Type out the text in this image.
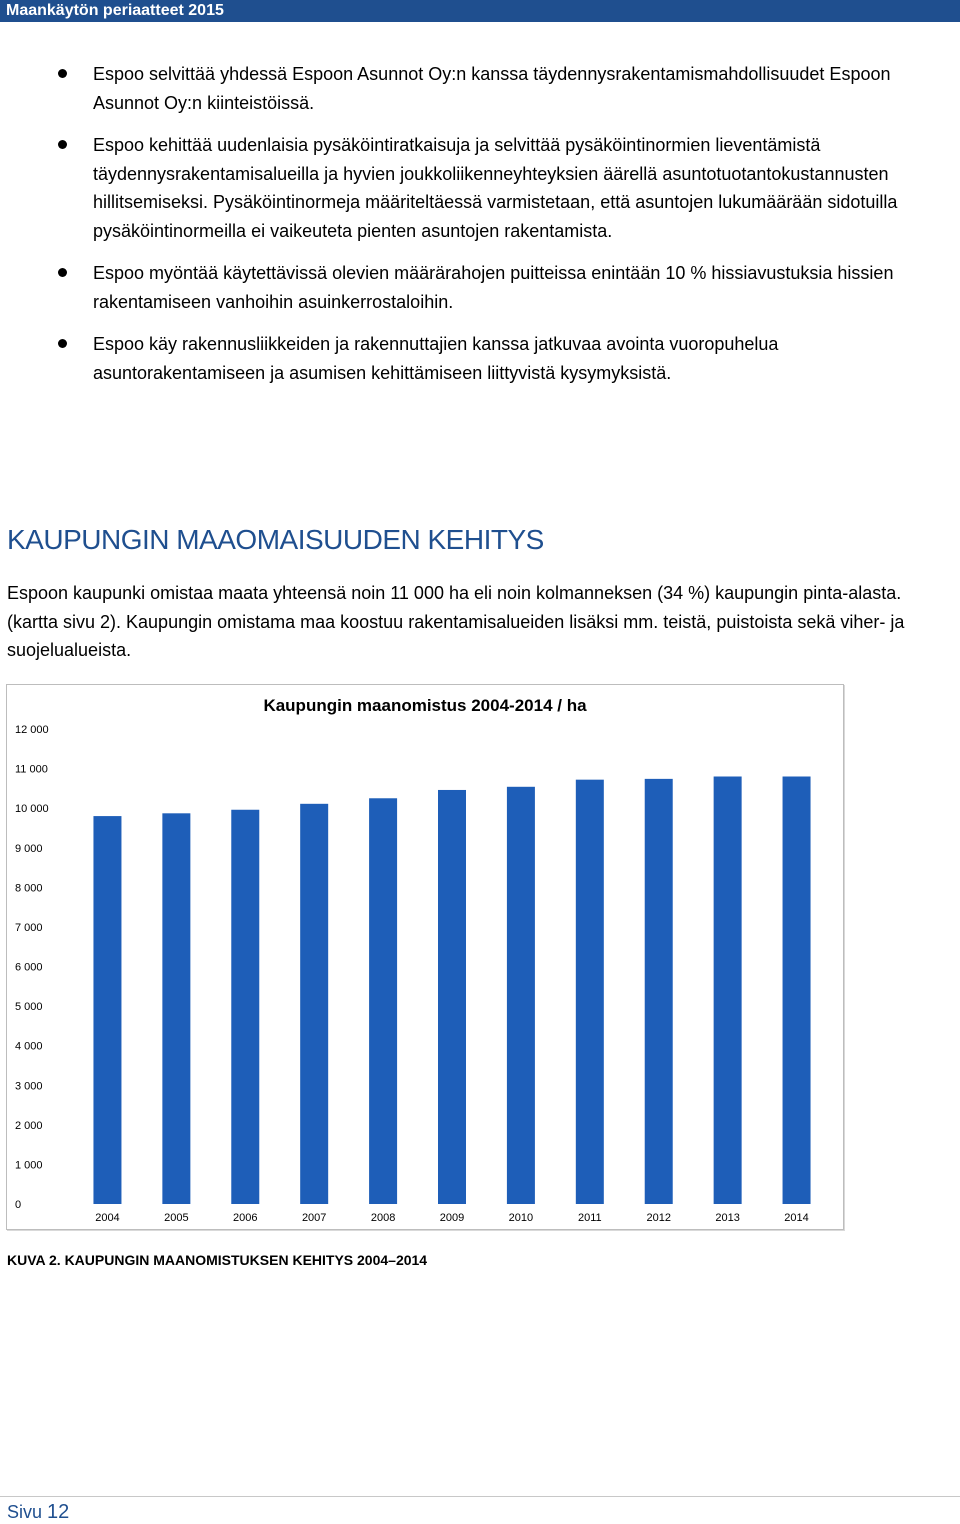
Maankäytön periaatteet 2015
Espoo selvittää yhdessä Espoon Asunnot Oy:n kanssa täydennysrakentamismahdollisuudet Espoon Asunnot Oy:n kiinteistöissä.
Espoo kehittää uudenlaisia pysäköintiratkaisuja ja selvittää pysäköintinormien lieventämistä täydennysrakentamisalueilla ja hyvien joukkoliikenneyhteyksien äärellä asuntotuotantokustannusten hillitsemiseksi. Pysäköintinormeja määriteltäessä varmistetaan, että asuntojen lukumäärään sidotuilla pysäköintinormeilla ei vaikeuteta pienten asuntojen rakentamista.
Espoo myöntää käytettävissä olevien määrärahojen puitteissa enintään 10 % hissiavustuksia hissien rakentamiseen vanhoihin asuinkerrostaloihin.
Espoo käy rakennusliikkeiden ja rakennuttajien kanssa jatkuvaa avointa vuoropuhelua asuntorakentamiseen ja asumisen kehittämiseen liittyvistä kysymyksistä.
KAUPUNGIN MAAOMAISUUDEN KEHITYS

Espoon kaupunki omistaa maata yhteensä noin 11 000 ha eli noin kolmanneksen (34 %) kaupungin pinta-alasta. (kartta sivu 2). Kaupungin omistama maa koostuu rakentamisalueiden lisäksi mm. teistä, puistoista sekä viher- ja suojelualueista.

Kaupungin maanomistus 2004-2014 / ha
0
1 000
2 000
3 000
4 000
5 000
6 000
7 000
8 000
9 000
10 000
11 000
12 000
2004	2005	2006	2007	2008	2009	2010	2011	2012	2013	2014

KUVA 2. KAUPUNGIN MAANOMISTUKSEN KEHITYS 2004–2014

Sivu 12
